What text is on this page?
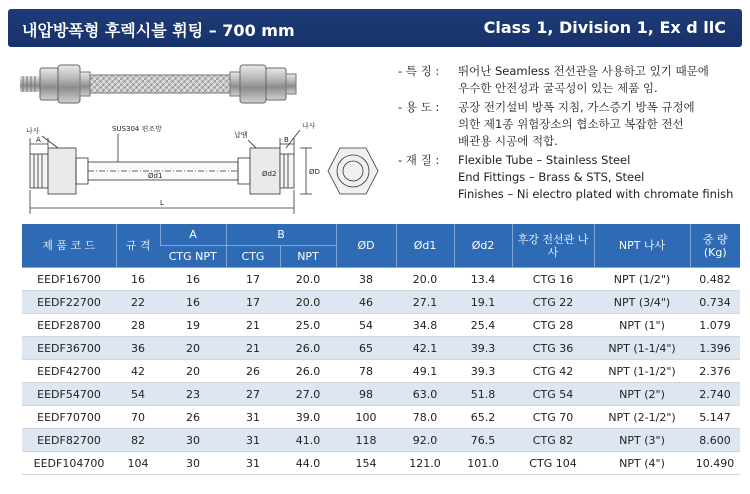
내압방폭형 후렉시블 휘팅 – 700 mm	Class 1, Division 1, Ex d llC
나사	SUS304 편조망
납땜
나사
A	B
L
Ød1	Ød2	ØD
- 특 징 :	뛰어난 Seamless 전선관을 사용하고 있기 때문에
우수한 안전성과 굴곡성이 있는 제품 임.
- 용 도 :	공장 전기설비 방폭 지침, 가스증기 방폭 규정에
의한 제1종 위험장소의 협소하고 복잡한 전선
배관용 시공에 적합.
- 재 질 :	Flexible Tube – Stainless Steel
End Fittings – Brass & STS, Steel
Finishes – Ni electro plated with chromate finish
제 품 코 드	규 격	A	B		ØD	Ød1	Ød2	후강 전선관 나사	NPT 나사	중 량 (Kg)
		CTG NPT	CTG	NPT						
EEDF16700	16	16	17	20.0	38	20.0	13.4	CTG 16	NPT (1/2")	0.482
EEDF22700	22	16	17	20.0	46	27.1	19.1	CTG 22	NPT (3/4")	0.734
EEDF28700	28	19	21	25.0	54	34.8	25.4	CTG 28	NPT (1")	1.079
EEDF36700	36	20	21	26.0	65	42.1	39.3	CTG 36	NPT (1-1/4")	1.396
EEDF42700	42	20	26	26.0	78	49.1	39.3	CTG 42	NPT (1-1/2")	2.376
EEDF54700	54	23	27	27.0	98	63.0	51.8	CTG 54	NPT (2")	2.740
EEDF70700	70	26	31	39.0	100	78.0	65.2	CTG 70	NPT (2-1/2")	5.147
EEDF82700	82	30	31	41.0	118	92.0	76.5	CTG 82	NPT (3")	8.600
EEDF104700	104	30	31	44.0	154	121.0	101.0	CTG 104	NPT (4")	10.490
